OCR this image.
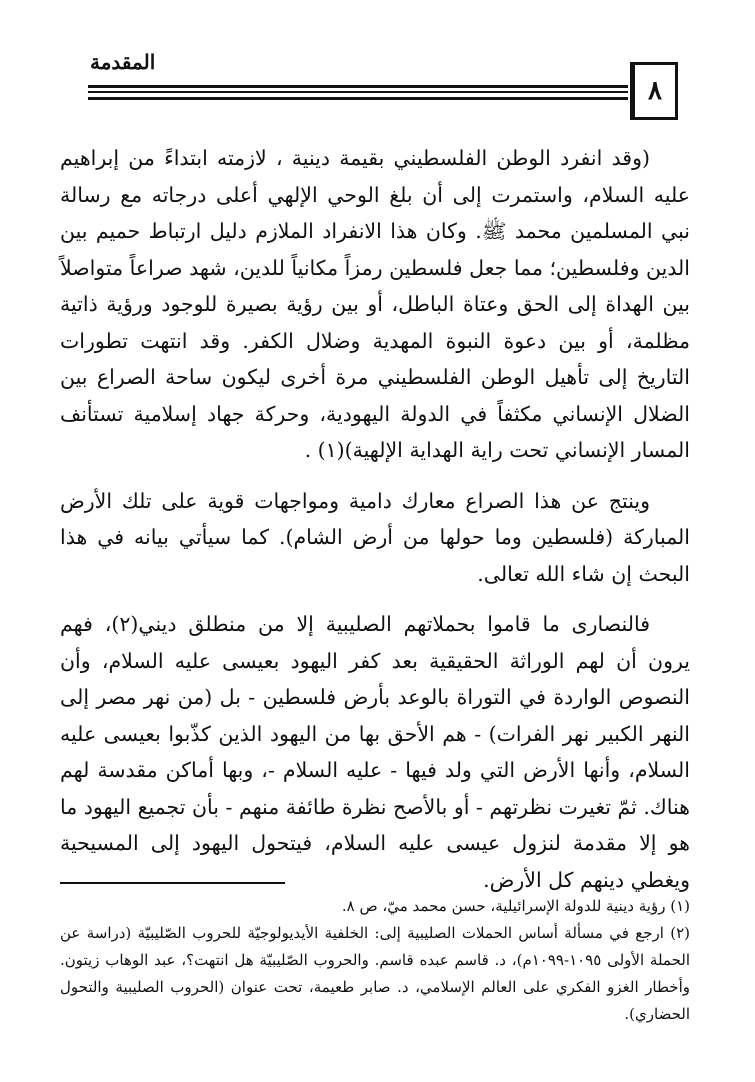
المقدمة
٨

(وقد انفرد الوطن الفلسطيني بقيمة دينية ، لازمته ابتداءً من إبراهيم عليه السلام، واستمرت إلى أن بلغ الوحي الإلهي أعلى درجاته مع رسالة نبي المسلمين محمد ﷺ. وكان هذا الانفراد الملازم دليل ارتباط حميم بين الدين وفلسطين؛ مما جعل فلسطين رمزاً مكانياً للدين، شهد صراعاً متواصلاً بين الهداة إلى الحق وعتاة الباطل، أو بين رؤية بصيرة للوجود ورؤية ذاتية مظلمة، أو بين دعوة النبوة المهدية وضلال الكفر. وقد انتهت تطورات التاريخ إلى تأهيل الوطن الفلسطيني مرة أخرى ليكون ساحة الصراع بين الضلال الإنساني مكثفاً في الدولة اليهودية، وحركة جهاد إسلامية تستأنف المسار الإنساني تحت راية الهداية الإلهية)(١) .

وينتج عن هذا الصراع معارك دامية ومواجهات قوية على تلك الأرض المباركة (فلسطين وما حولها من أرض الشام). كما سيأتي بيانه في هذا البحث إن شاء الله تعالى.

فالنصارى ما قاموا بحملاتهم الصليبية إلا من منطلق ديني(٢)، فهم يرون أن لهم الوراثة الحقيقية بعد كفر اليهود بعيسى عليه السلام، وأن النصوص الواردة في التوراة بالوعد بأرض فلسطين - بل (من نهر مصر إلى النهر الكبير نهر الفرات) - هم الأحق بها من اليهود الذين كذّبوا بعيسى عليه السلام، وأنها الأرض التي ولد فيها - عليه السلام -، وبها أماكن مقدسة لهم هناك. ثمّ تغيرت نظرتهم - أو بالأصح نظرة طائفة منهم - بأن تجميع اليهود ما هو إلا مقدمة لنزول عيسى عليه السلام، فيتحول اليهود إلى المسيحية ويغطي دينهم كل الأرض.

(١) رؤية دينية للدولة الإسرائيلية، حسن محمد ميّ، ص ٨.

(٢) ارجع في مسألة أساس الحملات الصليبية إلى: الخلفية الأيديولوجيّة للحروب الصّليبيّة (دراسة عن الحملة الأولى ١٠٩٥-١٠٩٩م)، د. قاسم عبده قاسم. والحروب الصّليبيّة هل انتهت؟، عبد الوهاب زيتون. وأخطار الغزو الفكري على العالم الإسلامي، د. صابر طعيمة، تحت عنوان (الحروب الصليبية والتحول الحضاري).
